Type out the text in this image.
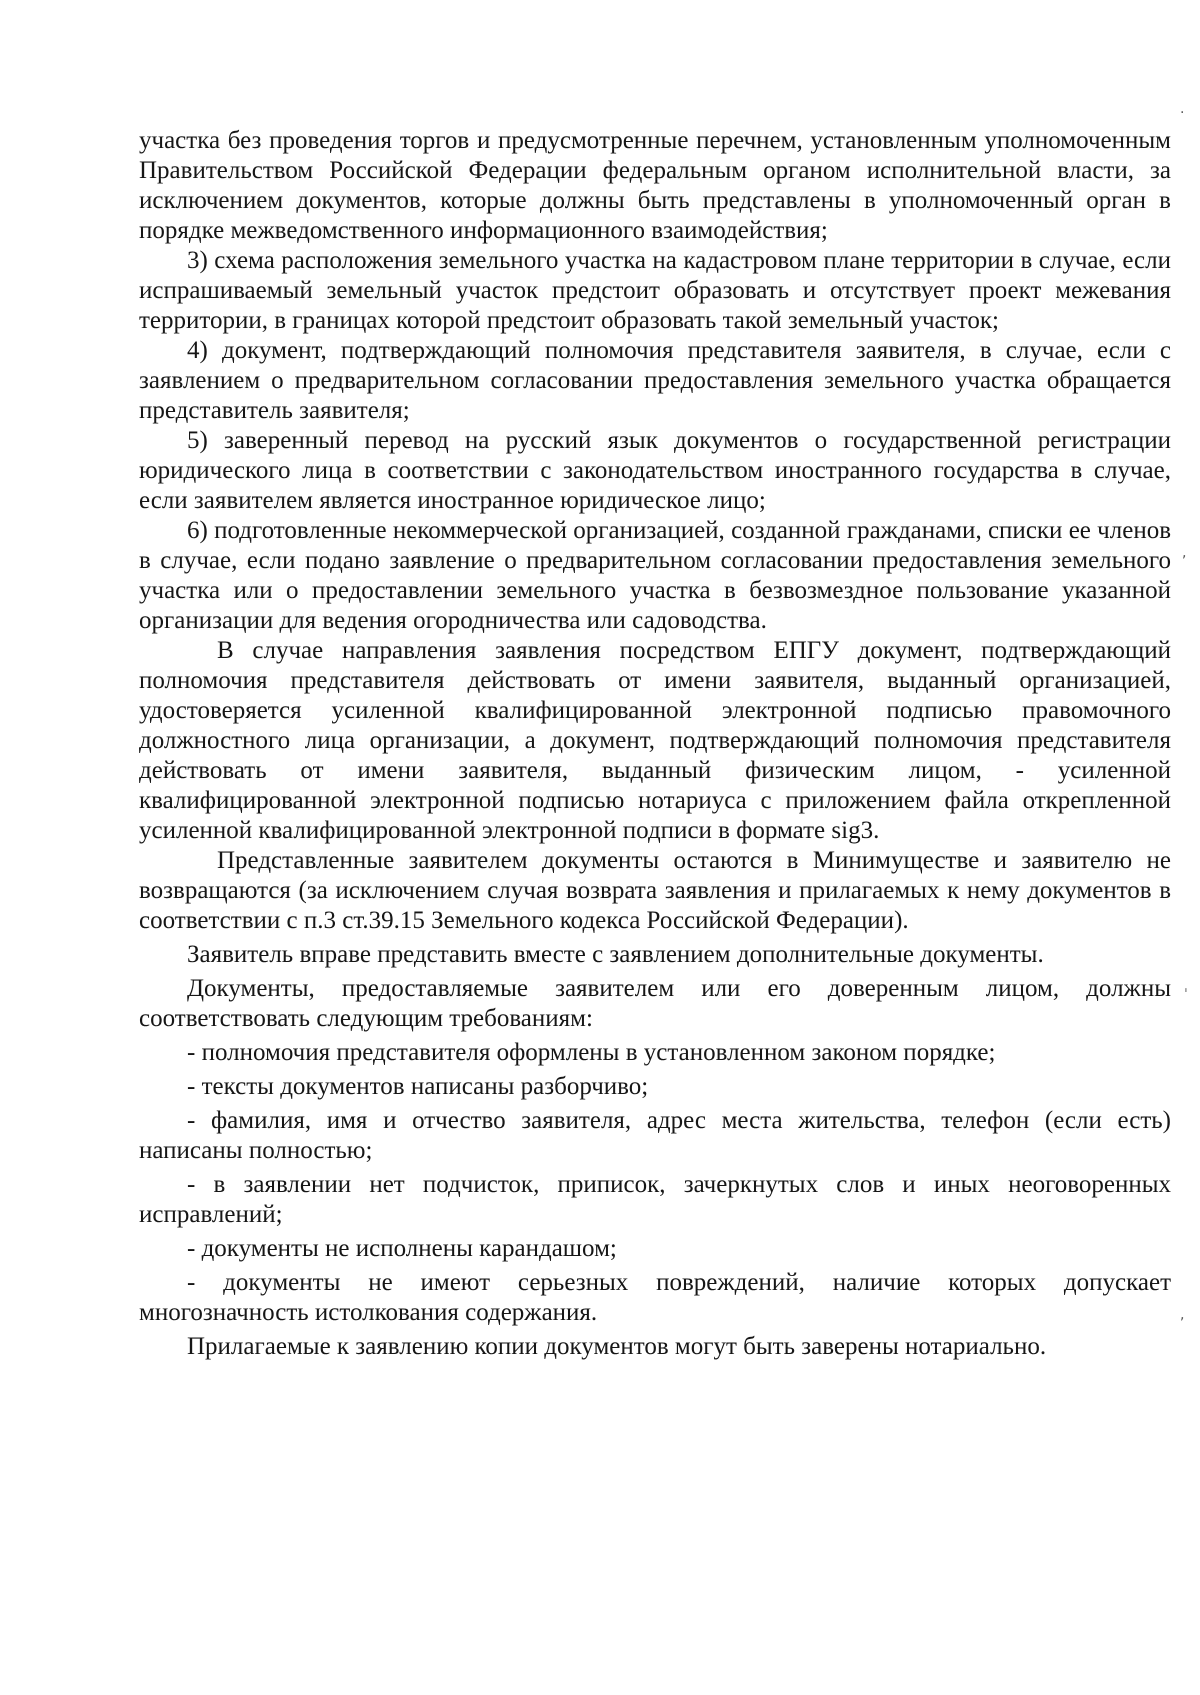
участка без проведения торгов и предусмотренные перечнем, установленным уполномоченным Правительством Российской Федерации федеральным органом исполнительной власти, за исключением документов, которые должны быть представлены в уполномоченный орган в порядке межведомственного информационного взаимодействия;

3) схема расположения земельного участка на кадастровом плане территории в случае, если испрашиваемый земельный участок предстоит образовать и отсутствует проект межевания территории, в границах которой предстоит образовать такой земельный участок;

4) документ, подтверждающий полномочия представителя заявителя, в случае, если с заявлением о предварительном согласовании предоставления земельного участка обращается представитель заявителя;

5) заверенный перевод на русский язык документов о государственной регистрации юридического лица в соответствии с законодательством иностранного государства в случае, если заявителем является иностранное юридическое лицо;

6) подготовленные некоммерческой организацией, созданной гражданами, списки ее членов в случае, если подано заявление о предварительном согласовании предоставления земельного участка или о предоставлении земельного участка в безвозмездное пользование указанной организации для ведения огородничества или садоводства.

В случае направления заявления посредством ЕПГУ документ, подтверждающий полномочия представителя действовать от имени заявителя, выданный организацией, удостоверяется усиленной квалифицированной электронной подписью правомочного должностного лица организации, а документ, подтверждающий полномочия представителя действовать от имени заявителя, выданный физическим лицом, - усиленной квалифицированной электронной подписью нотариуса с приложением файла открепленной усиленной квалифицированной электронной подписи в формате sig3.

Представленные заявителем документы остаются в Минимуществе и заявителю не возвращаются (за исключением случая возврата заявления и прилагаемых к нему документов в соответствии с п.3 ст.39.15 Земельного кодекса Российской Федерации).

Заявитель вправе представить вместе с заявлением дополнительные документы.

Документы, предоставляемые заявителем или его доверенным лицом, должны соответствовать следующим требованиям:

- полномочия представителя оформлены в установленном законом порядке;

- тексты документов написаны разборчиво;

- фамилия, имя и отчество заявителя, адрес места жительства, телефон (если есть) написаны полностью;

- в заявлении нет подчисток, приписок, зачеркнутых слов и иных неоговоренных исправлений;

- документы не исполнены карандашом;

- документы не имеют серьезных повреждений, наличие которых допускает многозначность истолкования содержания.

Прилагаемые к заявлению копии документов могут быть заверены нотариально.

·
,
ˈ
,
